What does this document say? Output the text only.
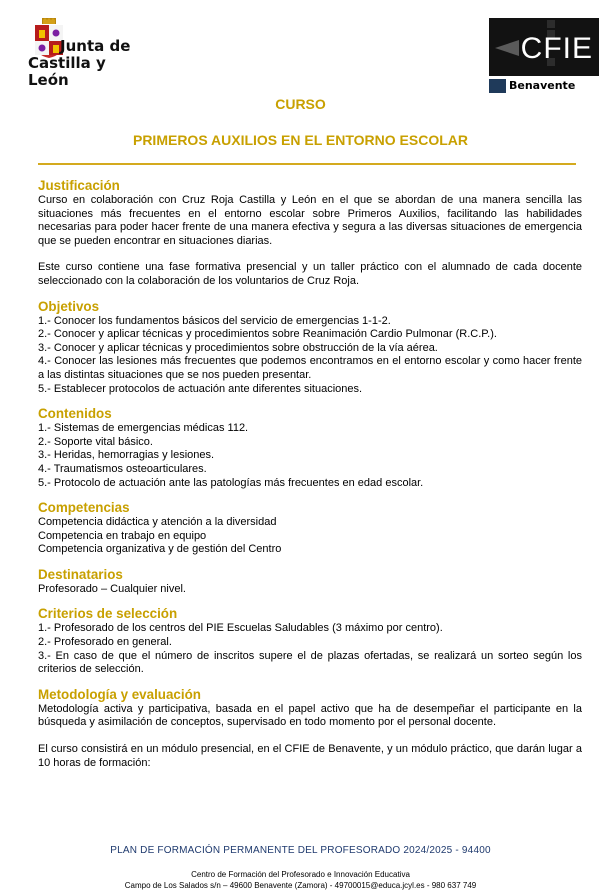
Junta de
Castilla y León
CFIE
Benavente

CURSO

PRIMEROS AUXILIOS EN EL ENTORNO ESCOLAR

Justificación

Curso en colaboración con Cruz Roja Castilla y León en el que se abordan de una manera sencilla las situaciones más frecuentes en el entorno escolar sobre Primeros Auxilios, facilitando las habilidades necesarias para poder hacer frente de una manera efectiva y segura a las diversas situaciones de emergencia que se pueden encontrar en situaciones diarias.

Este curso contiene una fase formativa presencial y un taller práctico con el alumnado de cada docente seleccionado con la colaboración de los voluntarios de Cruz Roja.

Objetivos

1.- Conocer los fundamentos básicos del servicio de emergencias 1-1-2.

2.- Conocer y aplicar técnicas y procedimientos sobre Reanimación Cardio Pulmonar (R.C.P.).

3.- Conocer y aplicar técnicas y procedimientos sobre obstrucción de la vía aérea.

4.- Conocer las lesiones más frecuentes que podemos encontramos en el entorno escolar y como hacer frente a las distintas situaciones que se nos pueden presentar.

5.- Establecer protocolos de actuación ante diferentes situaciones.

Contenidos

1.- Sistemas de emergencias médicas 112.

2.- Soporte vital básico.

3.- Heridas, hemorragias y lesiones.

4.- Traumatismos osteoarticulares.

5.- Protocolo de actuación ante las patologías más frecuentes en edad escolar.

Competencias

Competencia didáctica y atención a la diversidad

Competencia en trabajo en equipo

Competencia organizativa y de gestión del Centro

Destinatarios

Profesorado – Cualquier nivel.

Criterios de selección

1.- Profesorado de los centros del PIE Escuelas Saludables (3 máximo por centro).

2.- Profesorado en general.

3.- En caso de que el número de inscritos supere el de plazas ofertadas, se realizará un sorteo según los criterios de selección.

Metodología y evaluación

Metodología activa y participativa, basada en el papel activo que ha de desempeñar el participante en la búsqueda y asimilación de conceptos, supervisado en todo momento por el personal docente.

El curso consistirá en un módulo presencial, en el CFIE de Benavente, y un módulo práctico, que darán lugar a 10 horas de formación:

PLAN DE FORMACIÓN PERMANENTE DEL PROFESORADO 2024/2025 - 94400
Centro de Formación del Profesorado e Innovación Educativa
Campo de Los Salados s/n – 49600 Benavente (Zamora) - 49700015@educa.jcyl.es - 980 637 749
